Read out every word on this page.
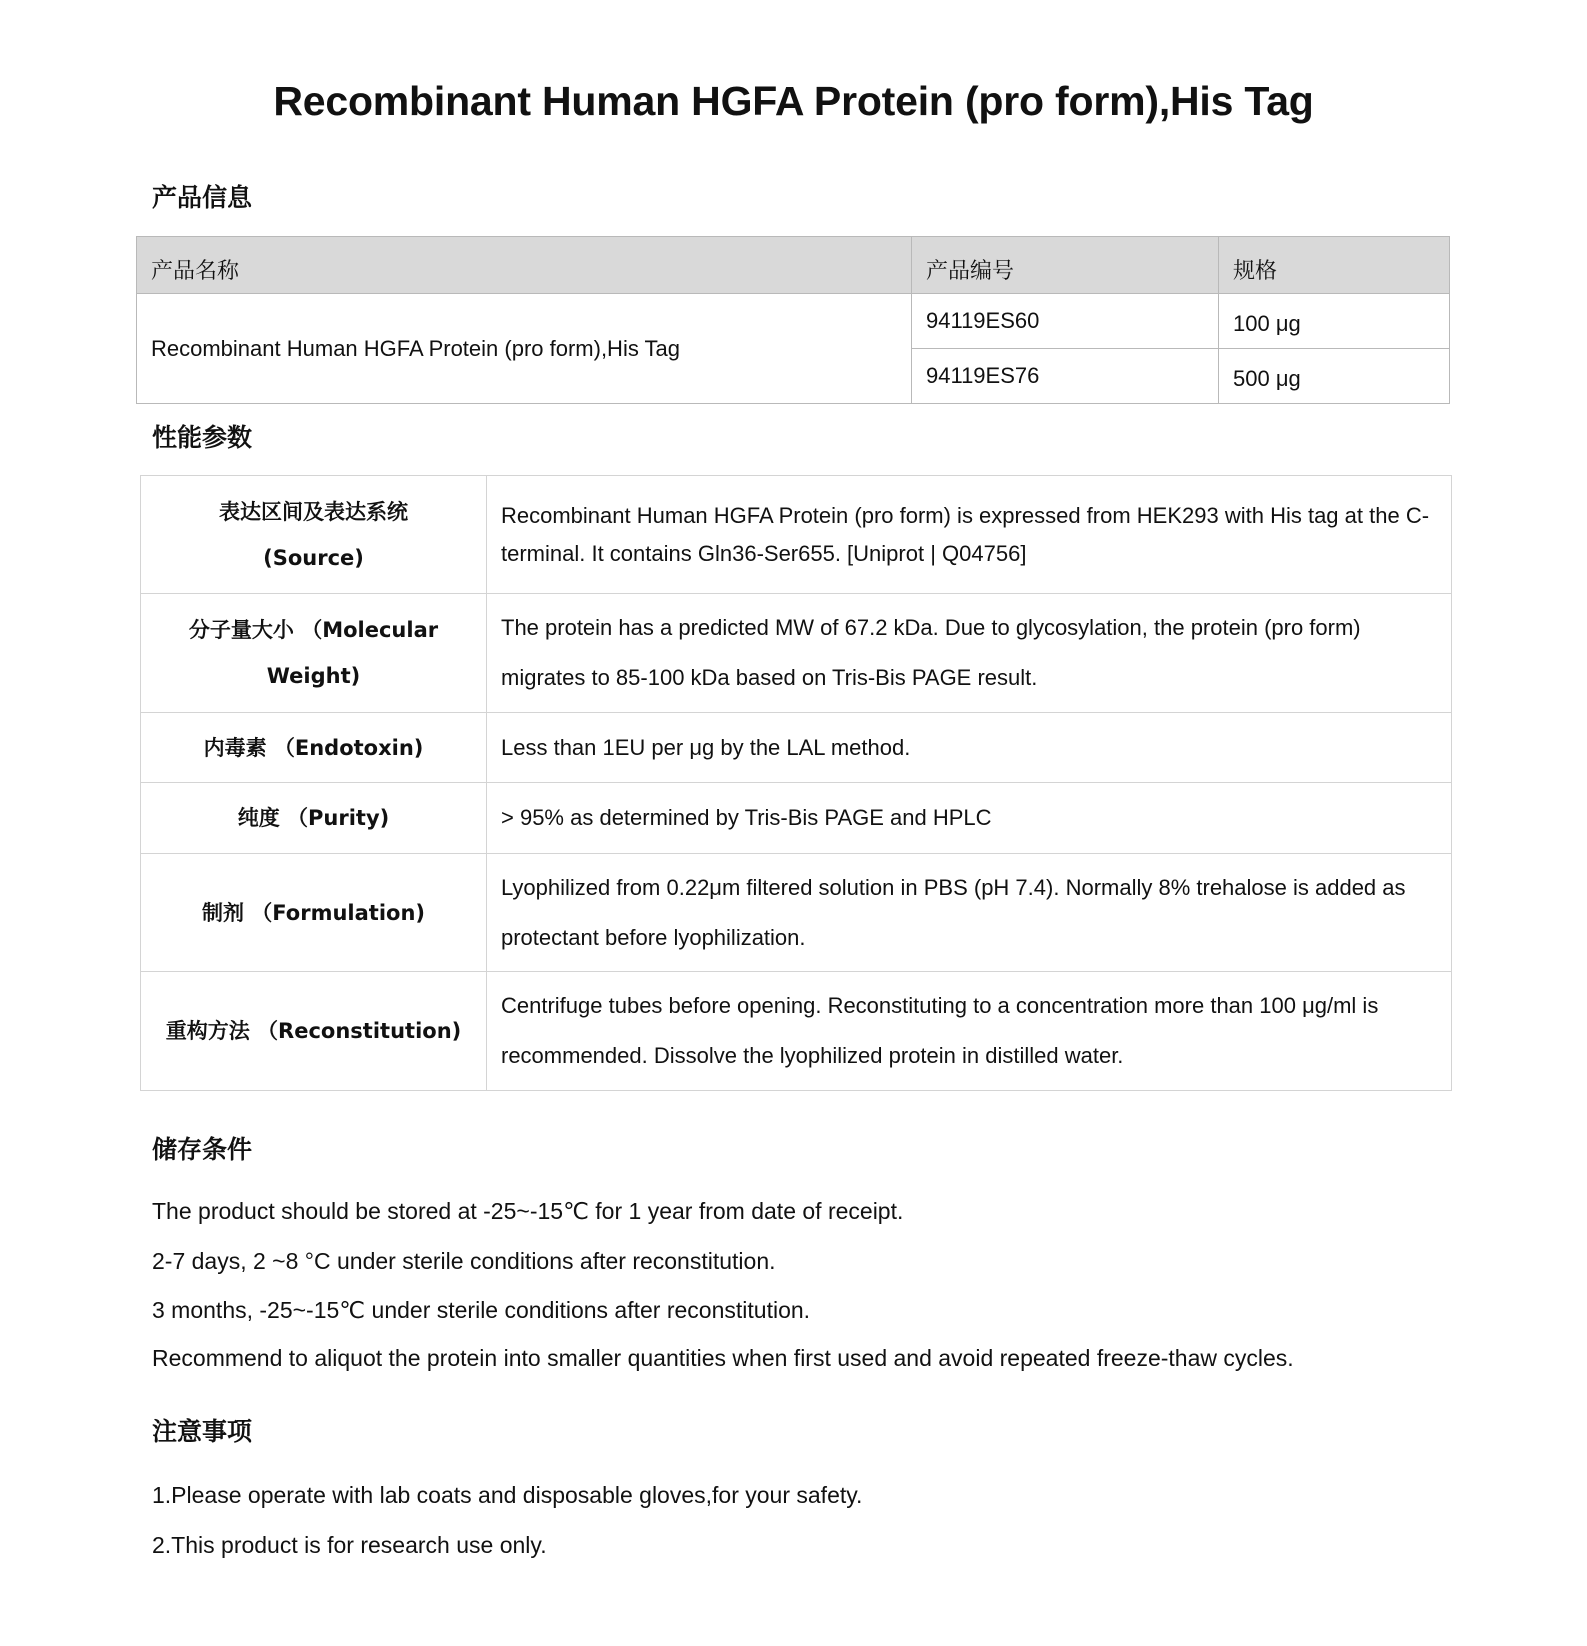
Recombinant Human HGFA Protein (pro form),His Tag
产品信息
产品名称	产品编号	规格
Recombinant Human HGFA Protein (pro form),His Tag	94119ES60	100 μg
	94119ES76	500 μg
性能参数
表达区间及表达系统
(Source)	Recombinant Human HGFA Protein (pro form) is expressed from HEK293 with His tag at the C-terminal. It contains Gln36-Ser655. [Uniprot | Q04756]

分子量大小 （Molecular
Weight)	The protein has a predicted MW of 67.2 kDa. Due to glycosylation, the protein (pro form) migrates to 85-100 kDa based on Tris-Bis PAGE result.
内毒素 （Endotoxin)	Less than 1EU per μg by the LAL method.
纯度 （Purity)	> 95% as determined by Tris-Bis PAGE and HPLC
制剂 （Formulation)	Lyophilized from 0.22μm filtered solution in PBS (pH 7.4). Normally 8% trehalose is added as protectant before lyophilization.
重构方法 （Reconstitution)	Centrifuge tubes before opening. Reconstituting to a concentration more than 100 μg/ml is recommended. Dissolve the lyophilized protein in distilled water.
储存条件

The product should be stored at -25~-15℃ for 1 year from date of receipt.

2-7 days, 2 ~8 °C under sterile conditions after reconstitution.

3 months, -25~-15℃ under sterile conditions after reconstitution.

Recommend to aliquot the protein into smaller quantities when first used and avoid repeated freeze-thaw cycles.

注意事项

1.Please operate with lab coats and disposable gloves,for your safety.

2.This product is for research use only.
